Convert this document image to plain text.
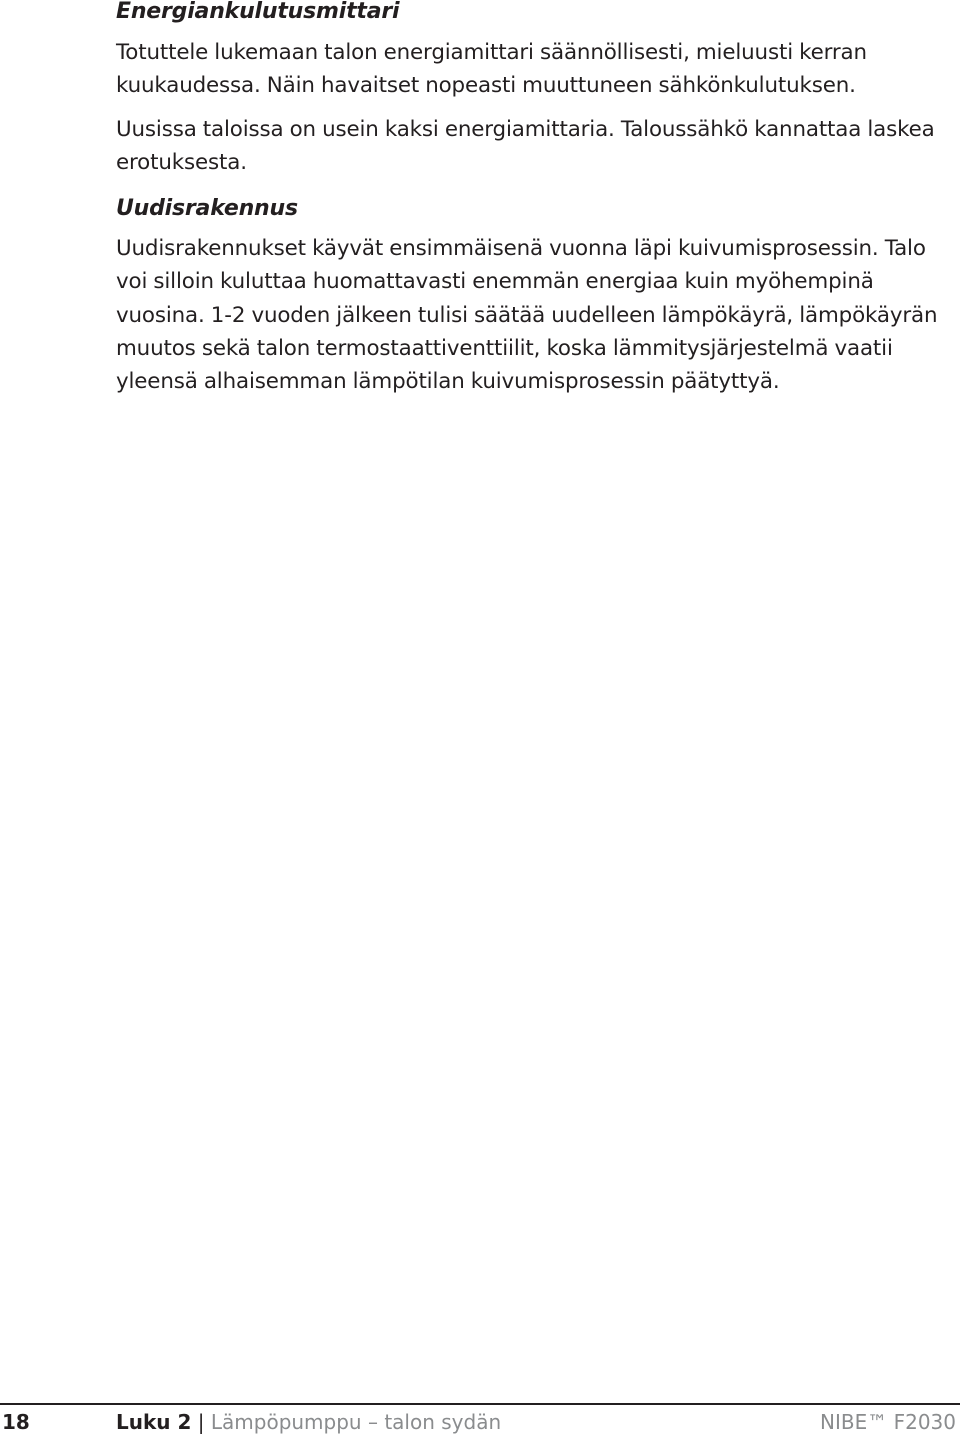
Energiankulutusmittari

Totuttele lukemaan talon energiamittari säännöllisesti, mieluusti kerran kuukaudessa. Näin havaitset nopeasti muuttuneen sähkönkulutuksen.

Uusissa taloissa on usein kaksi energiamittaria. Taloussähkö kannattaa laskea erotuksesta.

Uudisrakennus

Uudisrakennukset käyvät ensimmäisenä vuonna läpi kuivumisprosessin. Talo voi silloin kuluttaa huomattavasti enemmän energiaa kuin myöhempinä vuosina. 1-2 vuoden jälkeen tulisi säätää uudelleen lämpökäyrä, lämpökäyrän muutos sekä talon termostaattiventtiilit, koska lämmitysjärjestelmä vaatii yleensä alhaisemman lämpötilan kuivumisprosessin päätyttyä.

18	Luku 2 | Lämpöpumppu – talon sydän	NIBE™ F2030
